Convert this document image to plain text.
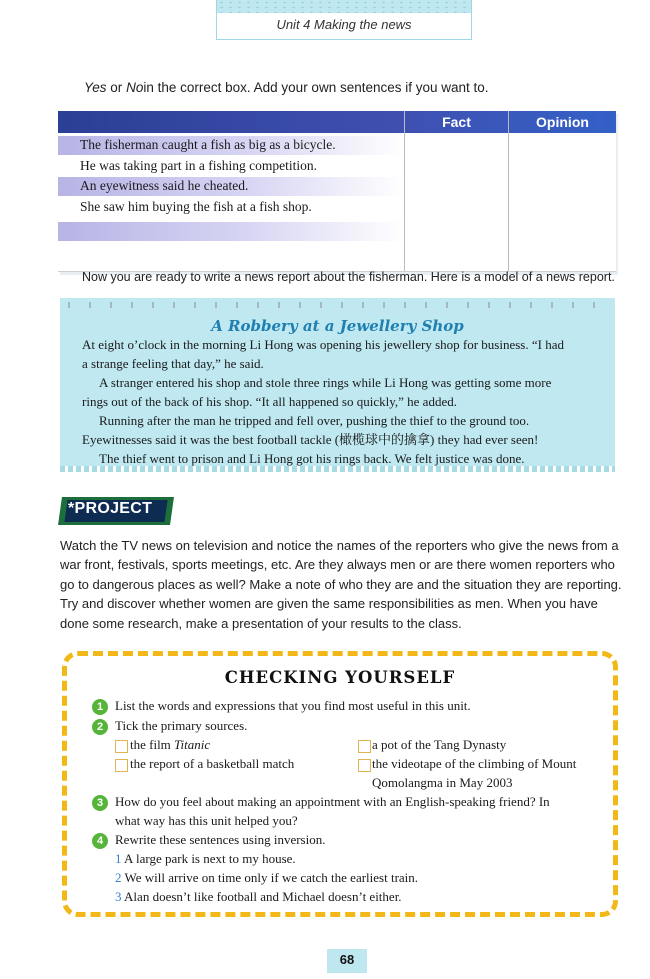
Unit 4 Making the news
Yes or Noin the correct box. Add your own sentences if you want to.
Fact	Opinion
The fisherman caught a fish as big as a bicycle.
He was taking part in a fishing competition.
An eyewitness said he cheated.
She saw him buying the fish at a fish shop.
Now you are ready to write a news report about the fisherman. Here is a model of a news report.
A Robbery at a Jewellery Shop
At eight o’clock in the morning Li Hong was opening his jewellery shop for business. “I had
a strange feeling that day,” he said.
A stranger entered his shop and stole three rings while Li Hong was getting some more
rings out of the back of his shop. “It all happened so quickly,” he added.
Running after the man he tripped and fell over, pushing the thief to the ground too.
Eyewitnesses said it was the best football tackle (橄榄球中的擒拿) they had ever seen!
The thief went to prison and Li Hong got his rings back. We felt justice was done.
*PROJECT
Watch the TV news on television and notice the names of the reporters who give the news from a war front, festivals, sports meetings, etc. Are they always men or are there women reporters who go to dangerous places as well? Make a note of who they are and the situation they are reporting. Try and discover whether women are given the same responsibilities as men. When you have done some research, make a presentation of your results to the class.
CHECKING YOURSELF
1 List the words and expressions that you find most useful in this unit.
2 Tick the primary sources.
the film Titanic	a pot of the Tang Dynasty
the report of a basketball match	the videotape of the climbing of Mount
Qomolangma in May 2003
3 How do you feel about making an appointment with an English-speaking friend? In
what way has this unit helped you?
4 Rewrite these sentences using inversion.
1 A large park is next to my house.
2 We will arrive on time only if we catch the earliest train.
3 Alan doesn’t like football and Michael doesn’t either.
68
